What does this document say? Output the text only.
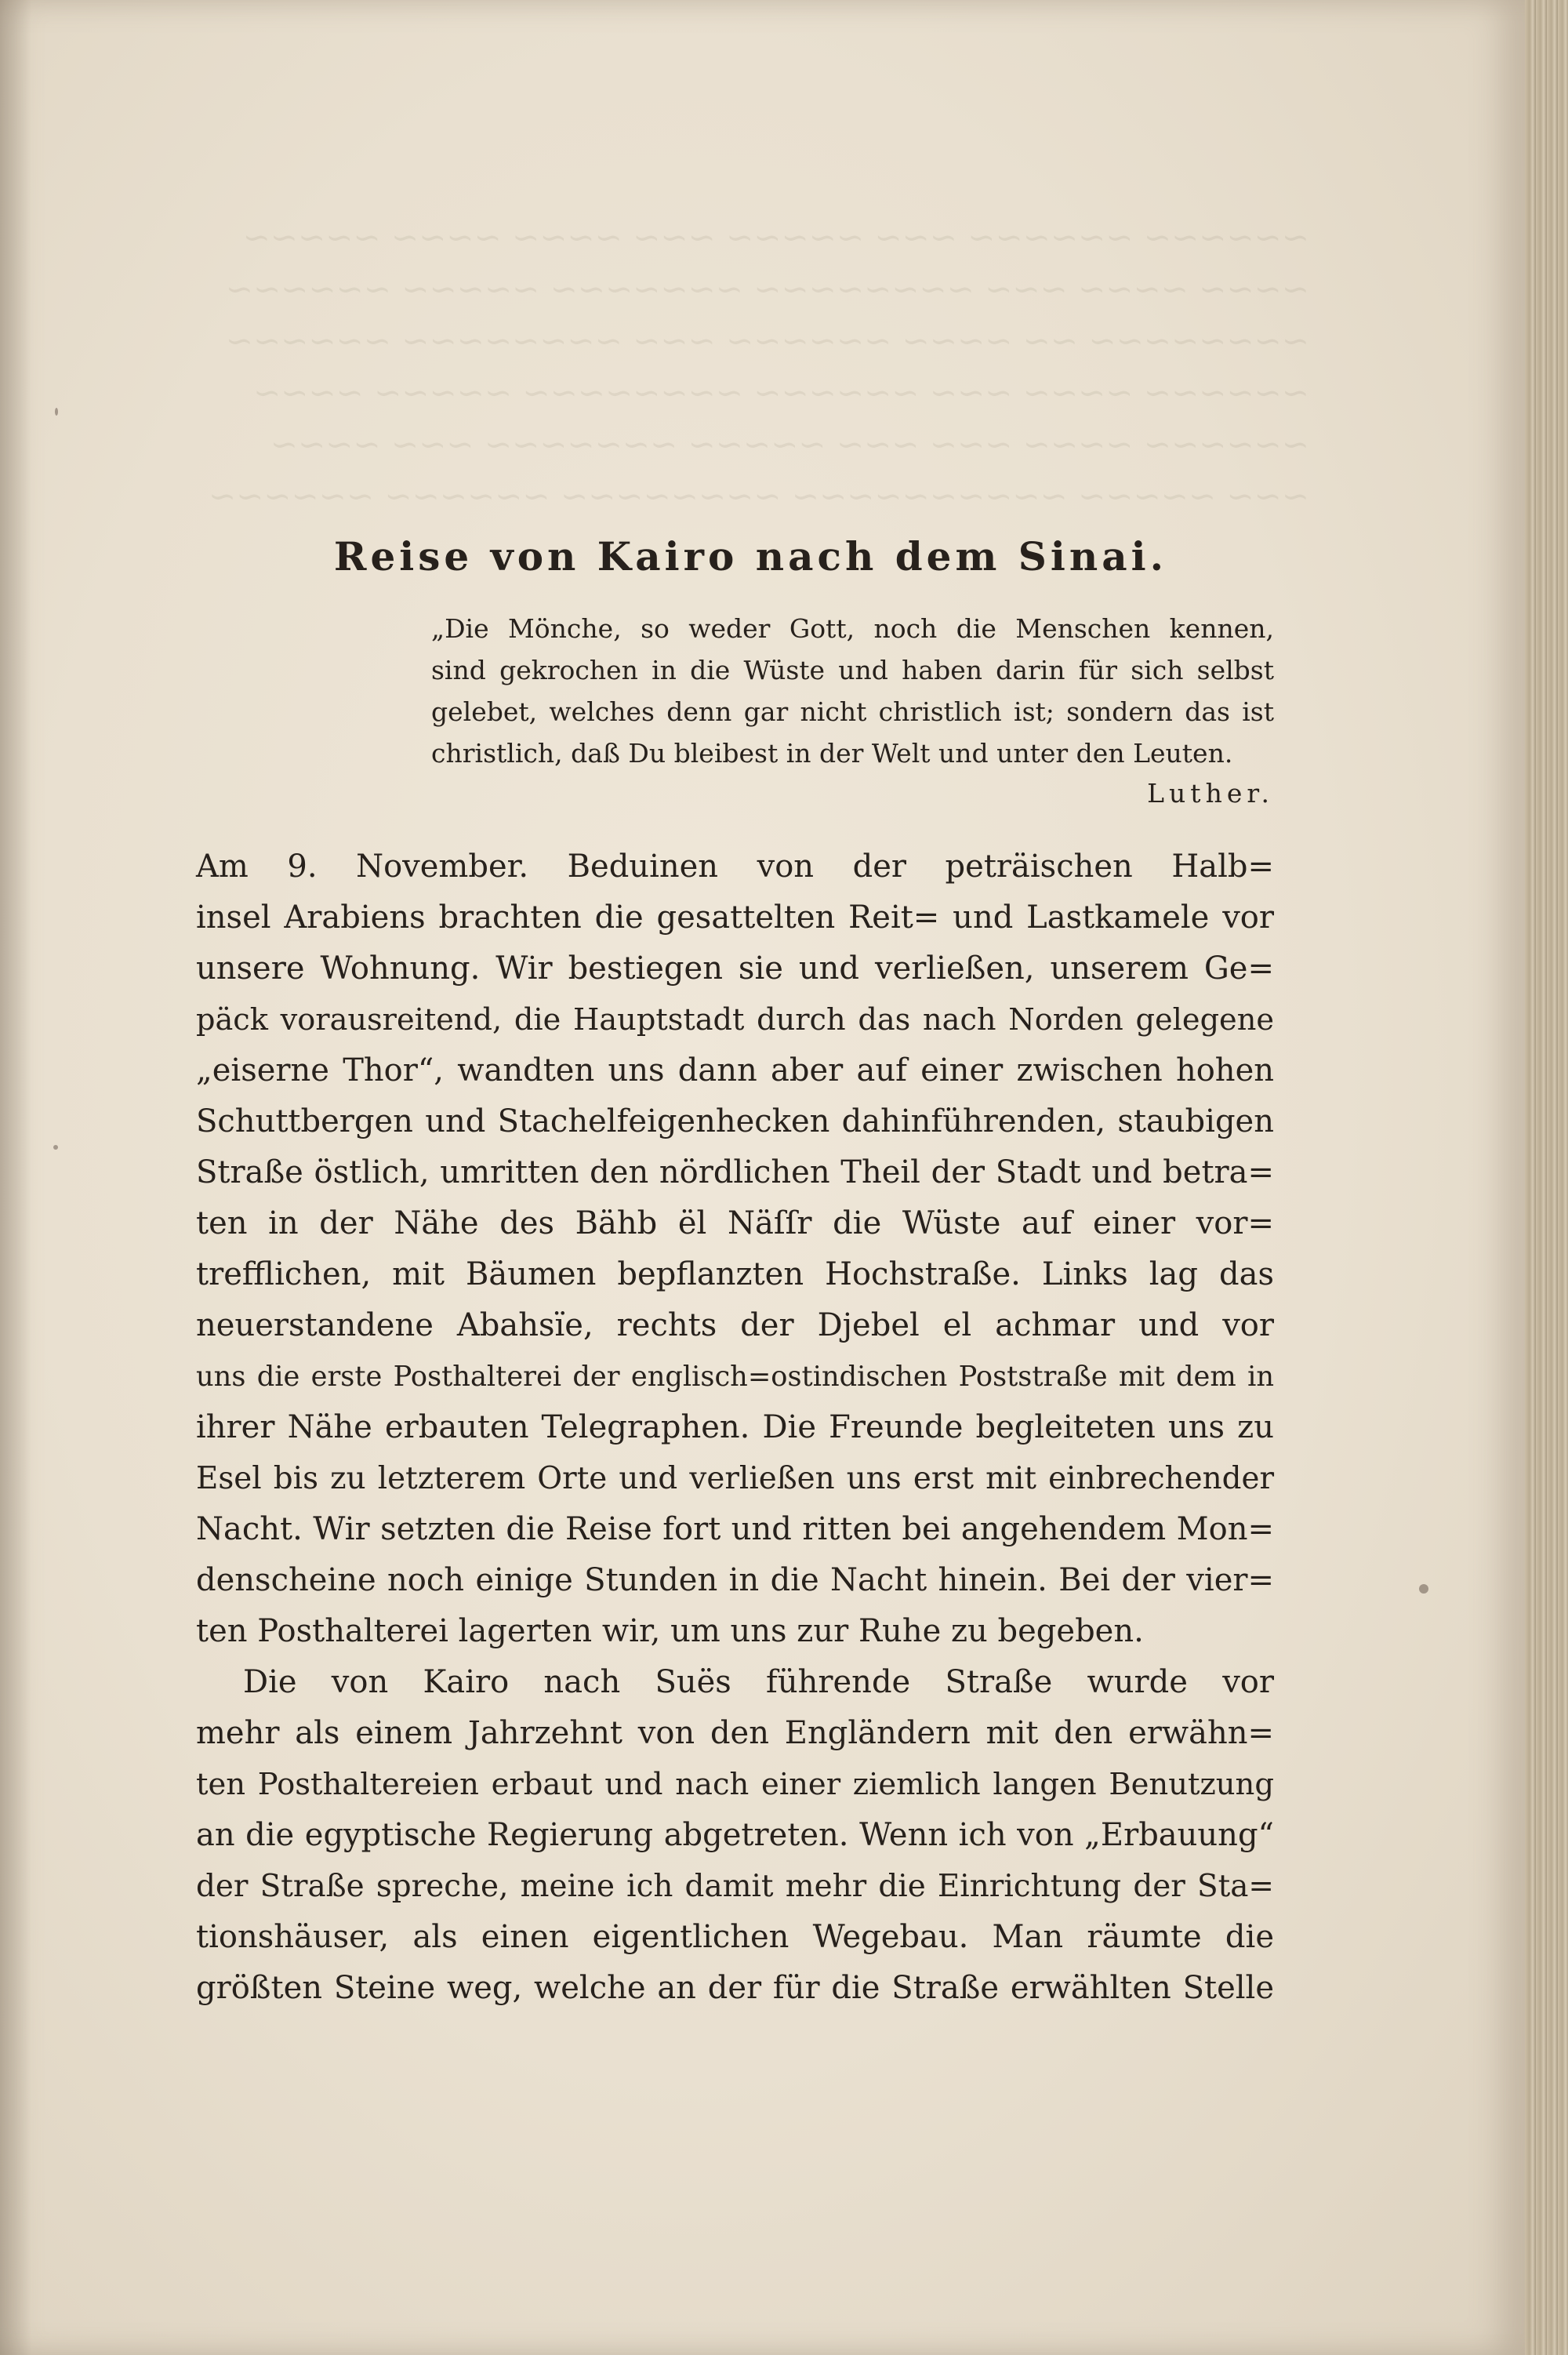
~~~~~~ ~~~~~~ ~~~ ~~~~~ ~~~ ~~~~ ~~~~ ~~~~~
~~~~ ~~~~ ~~~ ~~~~~~~~ ~~~~~~~ ~~~~~ ~~~~~~
~~~~~~~~ ~~ ~~~~ ~~~~~~ ~~~ ~~~~~~~~ ~~~~~~
~~~~~~ ~~~~ ~~~ ~~~~~~ ~~~~~~~~ ~~~~~ ~~~~
~~~~~~ ~~~~ ~~~ ~~~ ~~~~~ ~~~~~~~ ~~~ ~~~~
~~~ ~~~~~ ~~~~~~~~~~ ~~~~~~~~ ~~~~~~ ~~~~~~
Reise von Kairo nach dem Sinai.
„Die Mönche, so weder Gott, noch die Menschen kennen,
sind gekrochen in die Wüste und haben darin für sich selbst
gelebet, welches denn gar nicht christlich ist; sondern das ist
christlich, daß Du bleibest in der Welt und unter den Leuten.
Luther.
Am 9. November. Beduinen von der peträischen Halb=
insel Arabiens brachten die gesattelten Reit= und Lastkamele vor
unsere Wohnung. Wir bestiegen sie und verließen, unserem Ge=
päck vorausreitend, die Hauptstadt durch das nach Norden gelegene
„eiserne Thor“, wandten uns dann aber auf einer zwischen hohen
Schuttbergen und Stachelfeigenhecken dahinführenden, staubigen
Straße östlich, umritten den nördlichen Theil der Stadt und betra=
ten in der Nähe des Bähb ël Näſſr die Wüste auf einer vor=
trefflichen, mit Bäumen bepflanzten Hochstraße. Links lag das
neuerstandene Abahsïe, rechts der Djebel el achmar und vor
uns die erste Posthalterei der englisch=ostindischen Poststraße mit dem in
ihrer Nähe erbauten Telegraphen. Die Freunde begleiteten uns zu
Esel bis zu letzterem Orte und verließen uns erst mit einbrechender
Nacht. Wir setzten die Reise fort und ritten bei angehendem Mon=
denscheine noch einige Stunden in die Nacht hinein. Bei der vier=
ten Posthalterei lagerten wir, um uns zur Ruhe zu begeben.
Die von Kairo nach Suës führende Straße wurde vor
mehr als einem Jahrzehnt von den Engländern mit den erwähn=
ten Posthaltereien erbaut und nach einer ziemlich langen Benutzung
an die egyptische Regierung abgetreten. Wenn ich von „Erbauung“
der Straße spreche, meine ich damit mehr die Einrichtung der Sta=
tionshäuser, als einen eigentlichen Wegebau. Man räumte die
größten Steine weg, welche an der für die Straße erwählten Stelle
